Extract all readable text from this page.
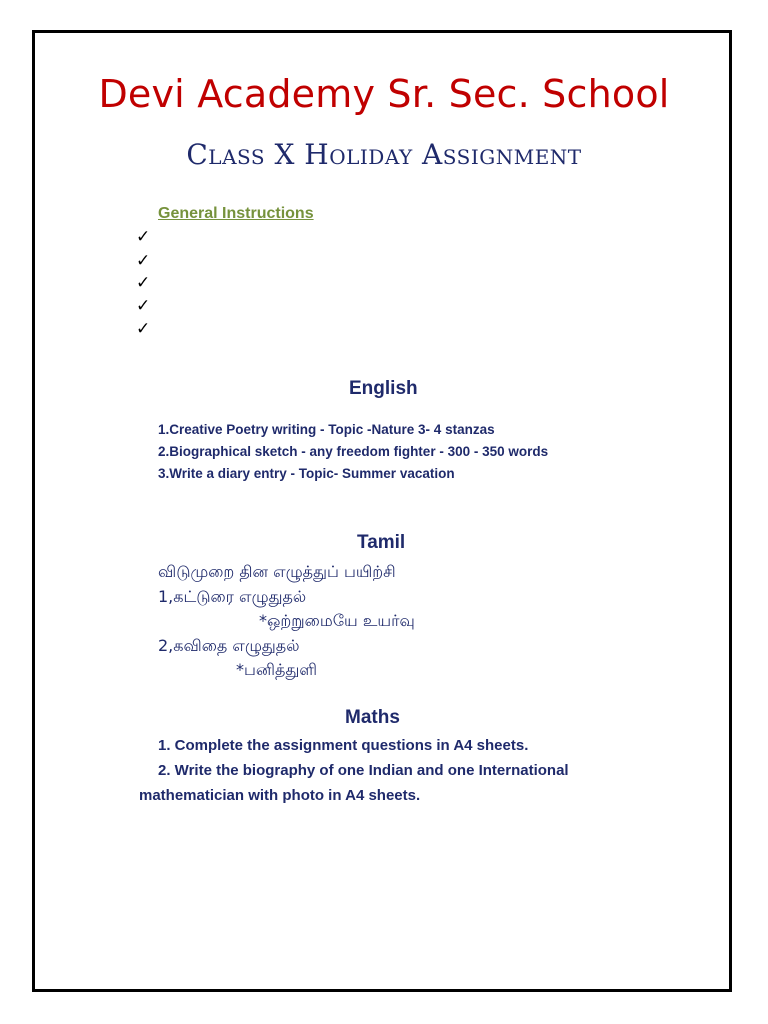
Devi Academy Sr. Sec. School
Class X Holiday Assignment
General Instructions
✓
✓
✓
✓
✓
English
1.Creative Poetry writing - Topic -Nature 3- 4 stanzas
2.Biographical sketch - any freedom fighter - 300 - 350 words
3.Write a diary entry - Topic- Summer vacation
Tamil
விடுமுறை தின எழுத்துப் பயிற்சி
1,கட்டுரை எழுதுதல்
*ஒற்றுமையே உயர்வு
2,கவிதை எழுதுதல்
*பனித்துளி
Maths
1. Complete the assignment questions in A4 sheets.
2. Write the biography of one Indian and one International
mathematician with photo in A4 sheets.
